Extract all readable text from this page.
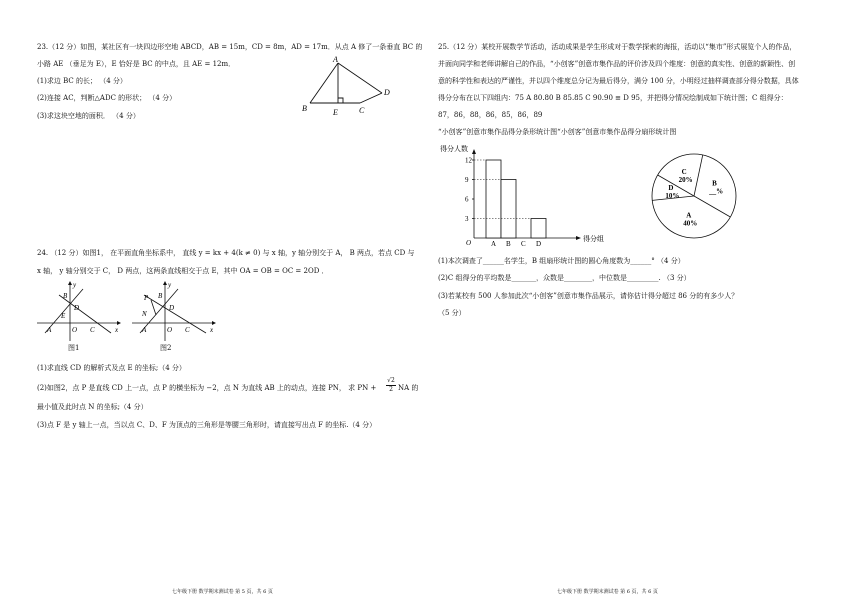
23.（12 分）如图，某社区有一块四边形空地 ABCD，AB = 15m，CD = 8m，AD = 17m．从点 A 修了一条垂直 BC 的
小路 AE （垂足为 E），E 恰好是 BC 的中点，且 AE = 12m．
(1)求边 BC 的长； （4 分）
(2)连接 AC，判断△ADC 的形状； （4 分）
(3)求这块空地的面积． （4 分）
A
B	E	C
D
24. （12 分）如图1， 在平面直角坐标系中， 直线 y = kx + 4(k ≠ 0) 与 x 轴，y 轴分别交于 A， B 两点，若点 CD 与
x 轴， y 轴分别交于 C， D 两点，这两条直线相交于点 E，其中 OA = OB = OC = 2OD ．
y
x
B
D
E
A	O C
图1
y
x
P B
N
D
A	O C
图2
(1)求直线 CD 的解析式及点 E 的坐标;（4 分）
(2)如图2，点 P 是直线 CD 上一点，点 P 的横坐标为 −2，点 N 为直线 AB 上的动点，连接 PN， 求 PN +
√2
2 NA 的
最小值及此时点 N 的坐标;（4 分）
(3)点 F 是 y 轴上一点，当以点 C、D、F 为顶点的三角形是等腰三角形时，请直接写出点 F 的坐标.（4 分）
七年级下册 数学期末测试卷 第 5 页，共 6 页
25.（12 分）某校开展数学节活动，活动成果是学生形成对于数学探索的海报，活动以“集市”形式展览个人的作品，
并面向同学和老师讲解自己的作品，“小创客”创意市集作品的评价涉及四个维度：创意的真实性、创意的新颖性、创
意的科学性和表达的严谨性，并以四个维度总分记为最后得分，满分 100 分，小明经过抽样调查部分得分数据，具体
得分分布在以下四组内：75 A 80.80 B 85.85 C 90.90 ≡ D 95，并把得分情况绘制成如下统计图；C 组得分：
87，86，88，86，85，86，89
“小创客”创意市集作品得分条形统计图“小创客”创意市集作品得分扇形统计图
得分人数
得分组
O
3
6
9
12
A B C D
A
40%
B
__%
C
20%
D
10%
(1)本次调查了______名学生，B 组扇形统计图的圆心角度数为______° （4 分）
(2)C 组得分的平均数是_______，众数是________，中位数是_________. （3 分）
(3)若某校有 500 人参加此次“小创客”创意市集作品展示，请你估计得分超过 86 分的有多少人？
（5 分）
七年级下册 数学期末测试卷 第 6 页，共 6 页
